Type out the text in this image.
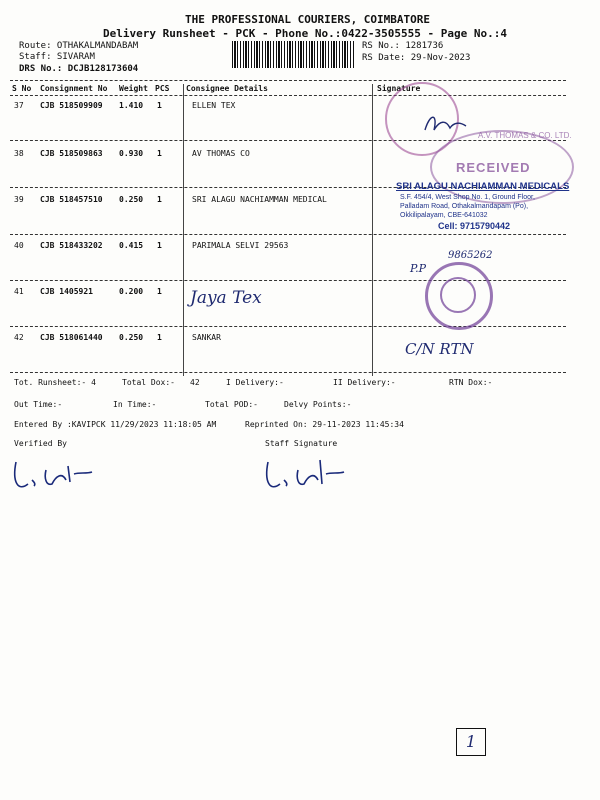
THE PROFESSIONAL COURIERS, COIMBATORE
Delivery Runsheet - PCK - Phone No.:0422-3505555 - Page No.:4
Route: OTHAKALMANDABAM
Staff: SIVARAM
DRS No.: DCJB128173604
RS No.: 1281736
RS Date: 29-Nov-2023
S No Consignment No Weight PCS Consignee Details	Signature
37 CJB 518509909 1.410 1	ELLEN TEX
38 CJB 518509863 0.930 1	AV THOMAS CO
39 CJB 518457510 0.250 1	SRI ALAGU NACHIAMMAN MEDICAL
40 CJB 518433202 0.415 1	PARIMALA SELVI 29563
41 CJB 1405921	0.200 1 Jaya Tex
42 CJB 518061440 0.250 1	SANKAR
A.V. THOMAS & CO. LTD.
RECEIVED
SRI ALAGU NACHIAMMAN MEDICALS
S.F. 454/4, West Shop No. 1, Ground Floor,
Palladam Road, Othakalmandapam (Po),
Okkilipalayam, CBE-641032
Cell: 9715790442
P.P
9865262
C/N RTN
Tot. Runsheet:- 4	Total Dox:- 42	I Delivery:-	II Delivery:-	RTN Dox:-
Out Time:-	In Time:-	Total POD:-	Delvy Points:-
Entered By :KAVIPCK 11/29/2023 11:18:05 AM	Reprinted On: 29-11-2023 11:45:34
Verified By	Staff Signature
1
